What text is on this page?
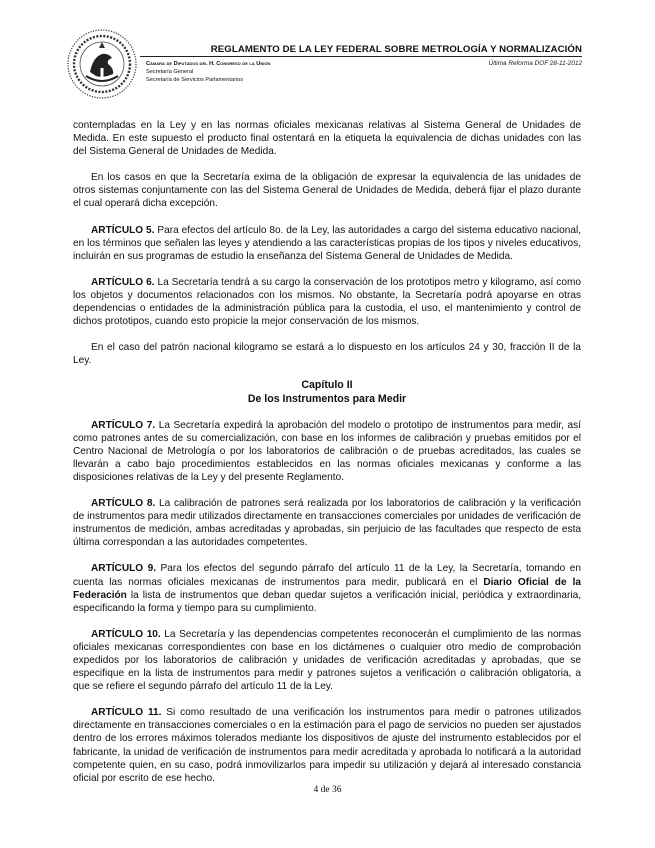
REGLAMENTO DE LA LEY FEDERAL SOBRE METROLOGÍA Y NORMALIZACIÓN
Cámara de Diputados del H. Congreso de la Unión
Secretaría General
Secretaría de Servicios Parlamentarios
Última Reforma DOF 28-11-2012

contempladas en la Ley y en las normas oficiales mexicanas relativas al Sistema General de Unidades de Medida. En este supuesto el producto final ostentará en la etiqueta la equivalencia de dichas unidades con las del Sistema General de Unidades de Medida.

En los casos en que la Secretaría exima de la obligación de expresar la equivalencia de las unidades de otros sistemas conjuntamente con las del Sistema General de Unidades de Medida, deberá fijar el plazo durante el cual operará dicha excepción.

ARTÍCULO 5. Para efectos del artículo 8o. de la Ley, las autoridades a cargo del sistema educativo nacional, en los términos que señalen las leyes y atendiendo a las características propias de los tipos y niveles educativos, incluirán en sus programas de estudio la enseñanza del Sistema General de Unidades de Medida.

ARTÍCULO 6. La Secretaría tendrá a su cargo la conservación de los prototipos metro y kilogramo, así como los objetos y documentos relacionados con los mismos. No obstante, la Secretaría podrá apoyarse en otras dependencias o entidades de la administración pública para la custodia, el uso, el mantenimiento y control de dichos prototipos, cuando esto propicie la mejor conservación de los mismos.

En el caso del patrón nacional kilogramo se estará a lo dispuesto en los artículos 24 y 30, fracción II de la Ley.

Capítulo II
De los Instrumentos para Medir

ARTÍCULO 7. La Secretaría expedirá la aprobación del modelo o prototipo de instrumentos para medir, así como patrones antes de su comercialización, con base en los informes de calibración y pruebas emitidos por el Centro Nacional de Metrología o por los laboratorios de calibración o de pruebas acreditados, las cuales se llevarán a cabo bajo procedimientos establecidos en las normas oficiales mexicanas y conforme a las disposiciones relativas de la Ley y del presente Reglamento.

ARTÍCULO 8. La calibración de patrones será realizada por los laboratorios de calibración y la verificación de instrumentos para medir utilizados directamente en transacciones comerciales por unidades de verificación de instrumentos de medición, ambas acreditadas y aprobadas, sin perjuicio de las facultades que respecto de esta última correspondan a las autoridades competentes.

ARTÍCULO 9. Para los efectos del segundo párrafo del artículo 11 de la Ley, la Secretaría, tomando en cuenta las normas oficiales mexicanas de instrumentos para medir, publicará en el Diario Oficial de la Federación la lista de instrumentos que deban quedar sujetos a verificación inicial, periódica y extraordinaria, especificando la forma y tiempo para su cumplimiento.

ARTÍCULO 10. La Secretaría y las dependencias competentes reconocerán el cumplimiento de las normas oficiales mexicanas correspondientes con base en los dictámenes o cualquier otro medio de comprobación expedidos por los laboratorios de calibración y unidades de verificación acreditadas y aprobadas, que se especifique en la lista de instrumentos para medir y patrones sujetos a verificación o calibración obligatoria, a que se refiere el segundo párrafo del artículo 11 de la Ley.

ARTÍCULO 11. Si como resultado de una verificación los instrumentos para medir o patrones utilizados directamente en transacciones comerciales o en la estimación para el pago de servicios no pueden ser ajustados dentro de los errores máximos tolerados mediante los dispositivos de ajuste del instrumento establecidos por el fabricante, la unidad de verificación de instrumentos para medir acreditada y aprobada lo notificará a la autoridad competente quien, en su caso, podrá inmovilizarlos para impedir su utilización y dejará al interesado constancia oficial por escrito de ese hecho.

4 de 36
